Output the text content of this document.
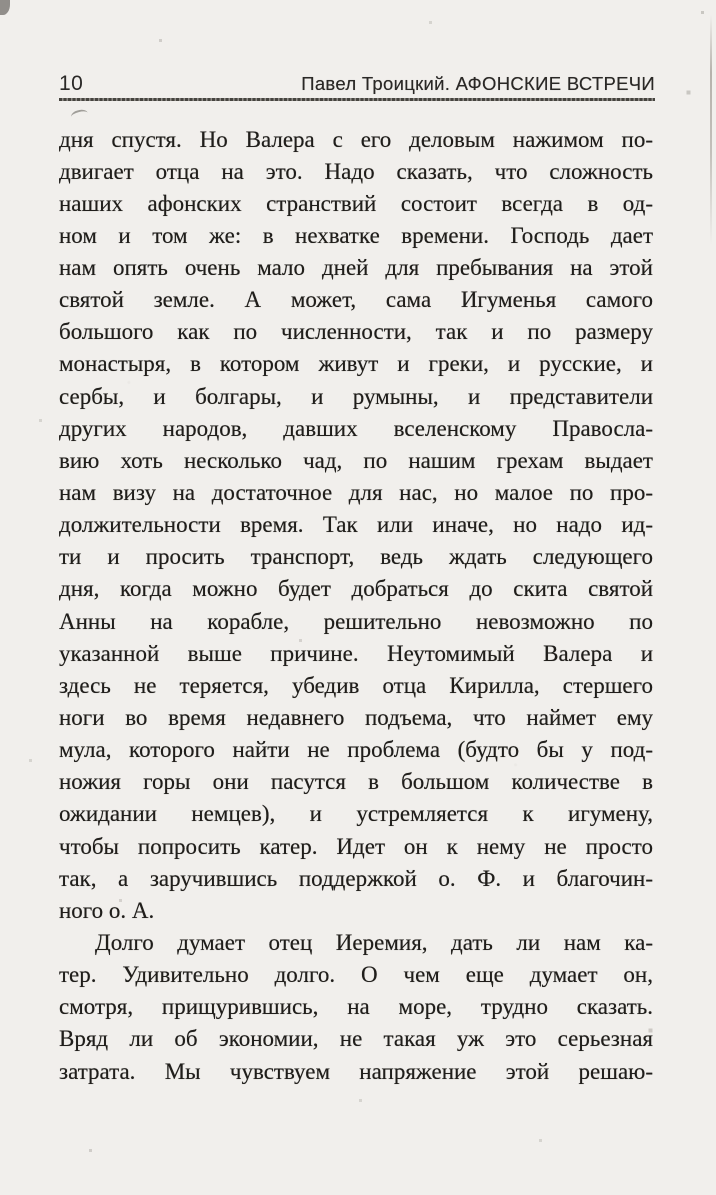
10	Павел Троицкий. АФОНСКИЕ ВСТРЕЧИ
дня спустя. Но Валера с его деловым нажимом по-
двигает отца на это. Надо сказать, что сложность
наших афонских странствий состоит всегда в од-
ном и том же: в нехватке времени. Господь дает
нам опять очень мало дней для пребывания на этой
святой земле. А может, сама Игуменья самого
большого как по численности, так и по размеру
монастыря, в котором живут и греки, и русские, и
сербы, и болгары, и румыны, и представители
других народов, давших вселенскому Правосла-
вию хоть несколько чад, по нашим грехам выдает
нам визу на достаточное для нас, но малое по про-
должительности время. Так или иначе, но надо ид-
ти и просить транспорт, ведь ждать следующего
дня, когда можно будет добраться до скита святой
Анны на корабле, решительно невозможно по
указанной выше причине. Неутомимый Валера и
здесь не теряется, убедив отца Кирилла, стершего
ноги во время недавнего подъема, что наймет ему
мула, которого найти не проблема (будто бы у под-
ножия горы они пасутся в большом количестве в
ожидании немцев), и устремляется к игумену,
чтобы попросить катер. Идет он к нему не просто
так, а заручившись поддержкой о. Ф. и благочин-
ного о. А.
Долго думает отец Иеремия, дать ли нам ка-
тер. Удивительно долго. О чем еще думает он,
смотря, прищурившись, на море, трудно сказать.
Вряд ли об экономии, не такая уж это серьезная
затрата. Мы чувствуем напряжение этой решаю-
